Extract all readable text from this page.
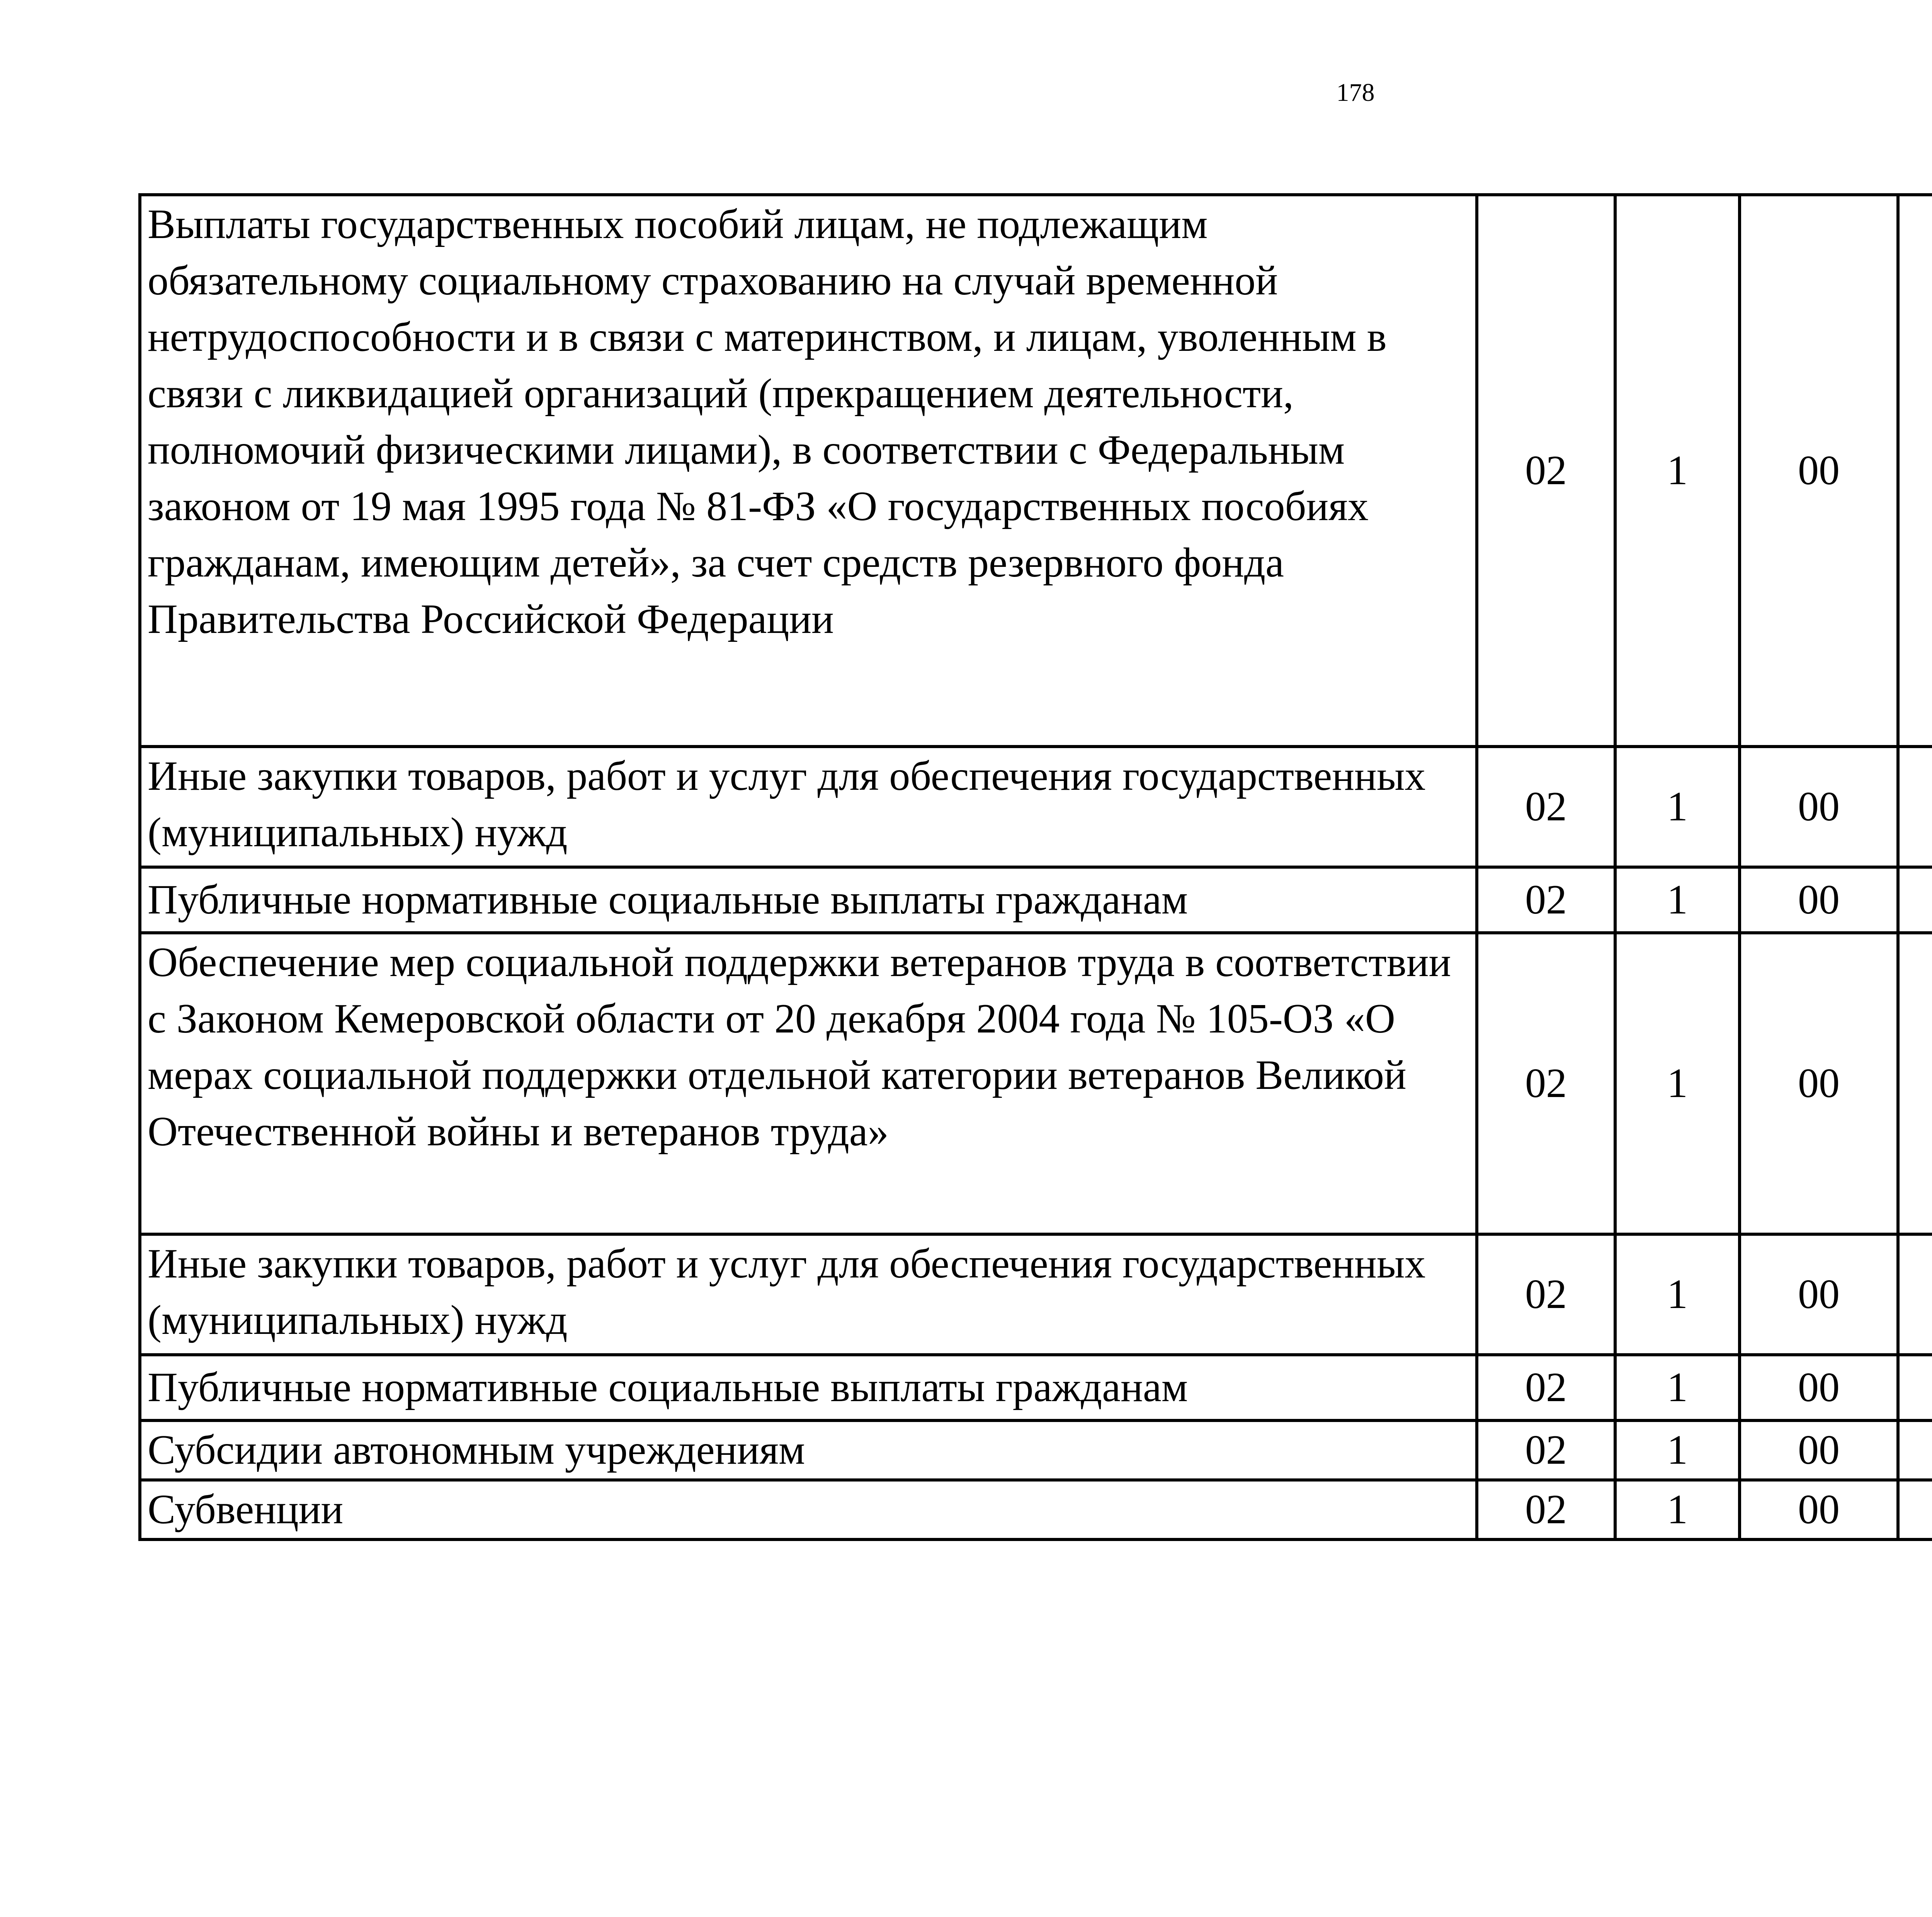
178
Выплаты государственных пособий лицам, не подлежащим обязательному социальному страхованию на случай временной нетрудоспособности и в связи с материнством, и лицам, уволенным в связи с ликвидацией организаций (прекращением деятельности, полномочий физическими лицами), в соответствии с Федеральным законом от 19 мая 1995 года № 81-ФЗ «О государственных пособиях гражданам, имеющим детей», за счет средств резервного фонда Правительства Российской Федерации	02	1	00			
Иные закупки товаров, работ и услуг для обеспечения государственных (муниципальных) нужд	02	1	00			
Публичные нормативные социальные выплаты гражданам	02	1	00			
Обеспечение мер социальной поддержки ветеранов труда в соответствии с Законом Кемеровской области от 20 декабря 2004 года № 105-ОЗ «О мерах социальной поддержки отдельной категории ветеранов Великой Отечественной войны и ветеранов труда»	02	1	00			
Иные закупки товаров, работ и услуг для обеспечения государственных (муниципальных) нужд	02	1	00			
Публичные нормативные социальные выплаты гражданам	02	1	00			
Субсидии автономным учреждениям	02	1	00			
Субвенции	02	1	00			
